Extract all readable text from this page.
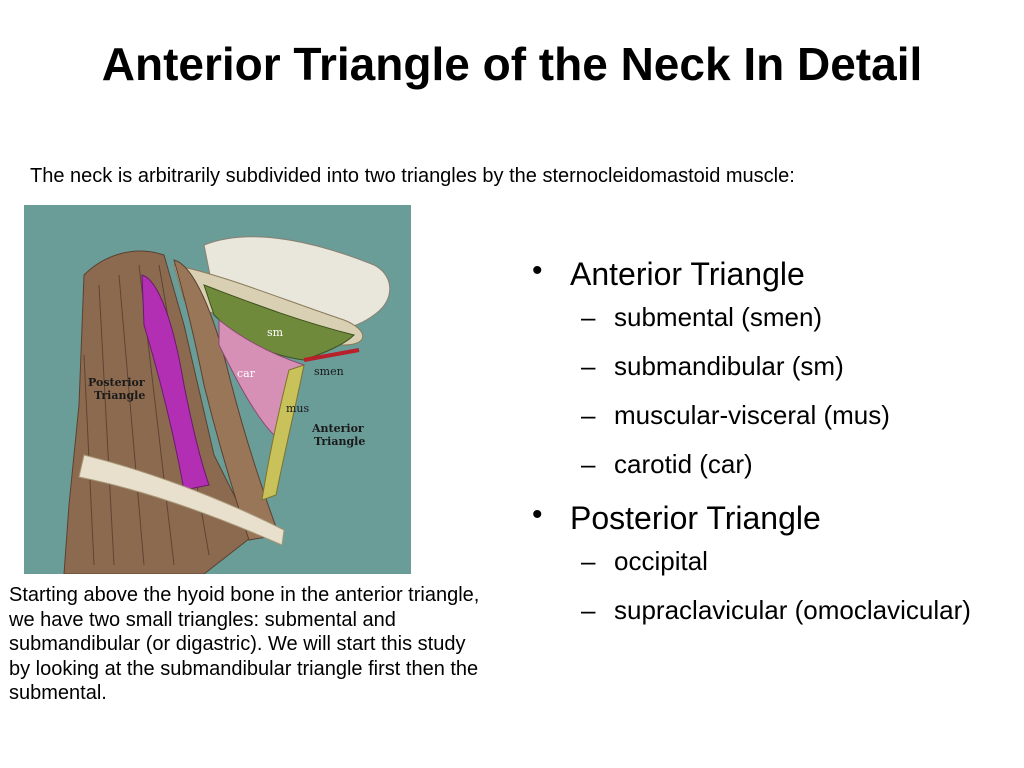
Anterior Triangle of the Neck In Detail

The neck is arbitrarily subdivided into two triangles by the sternocleidomastoid muscle:

sm
car	smen
mus
Posterior
Triangle
Anterior
Triangle

Starting above the hyoid bone in the anterior triangle, we have two small triangles: submental and submandibular (or digastric). We will start this study by looking at the submandibular triangle first then the submental.

• Anterior Triangle
– submental (smen)
– submandibular (sm)
– muscular-visceral (mus)
– carotid (car)
• Posterior Triangle
– occipital
– supraclavicular (omoclavicular)
